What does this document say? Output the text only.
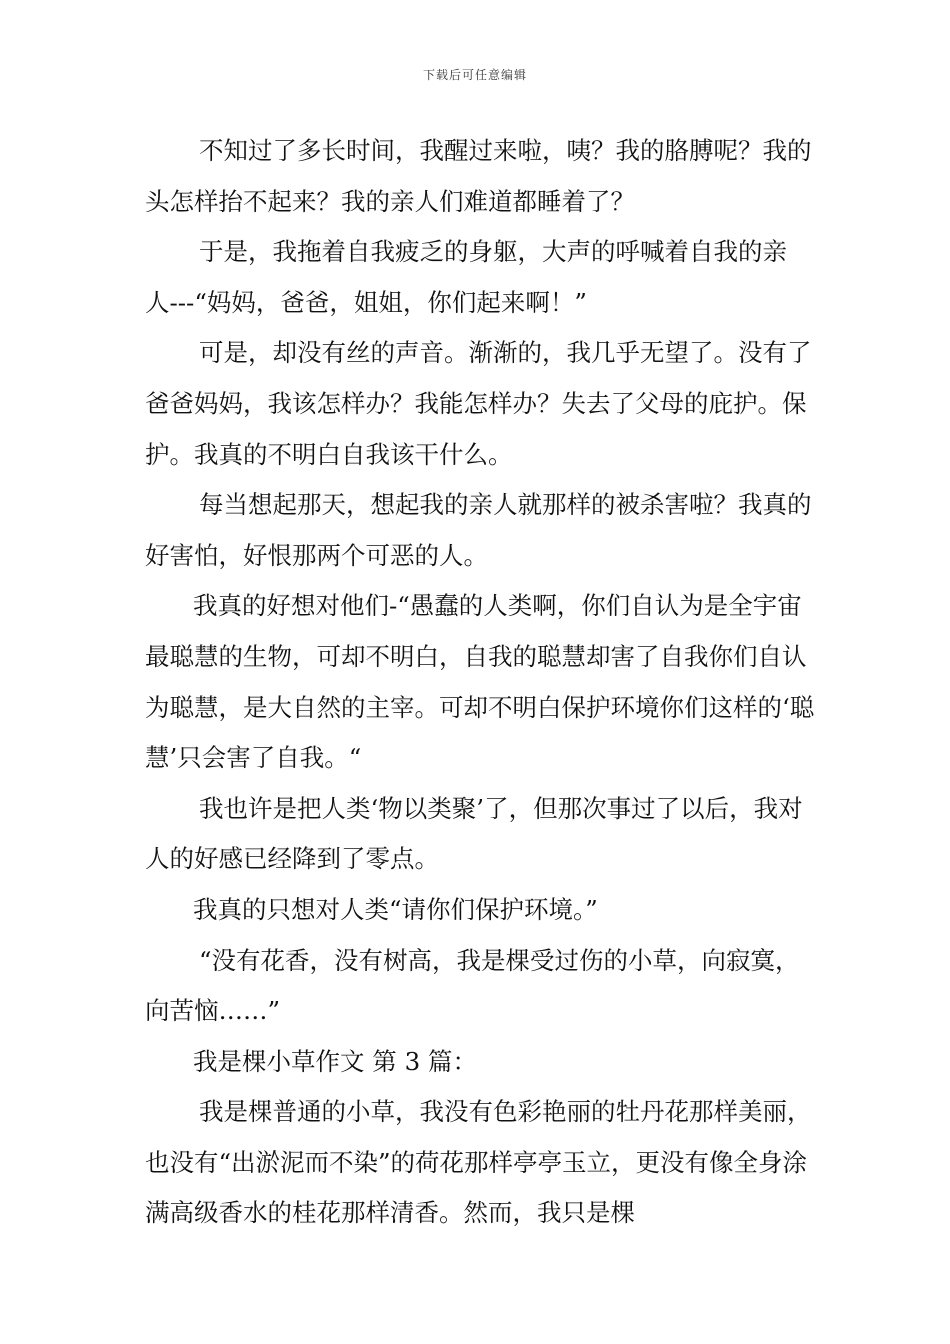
下载后可任意编辑

不知过了多长时间，我醒过来啦，咦？我的胳膊呢？我的头怎样抬不起来？我的亲人们难道都睡着了？

于是，我拖着自我疲乏的身躯，大声的呼喊着自我的亲人---“妈妈，爸爸，姐姐，你们起来啊！”

可是，却没有丝的声音。渐渐的，我几乎无望了。没有了爸爸妈妈，我该怎样办？我能怎样办？失去了父母的庇护。保护。我真的不明白自我该干什么。

每当想起那天，想起我的亲人就那样的被杀害啦？我真的好害怕，好恨那两个可恶的人。

我真的好想对他们-“愚蠢的人类啊，你们自认为是全宇宙最聪慧的生物，可却不明白，自我的聪慧却害了自我你们自认为聪慧，是大自然的主宰。可却不明白保护环境你们这样的‘聪慧’只会害了自我。“

我也许是把人类‘物以类聚’了，但那次事过了以后，我对人的好感已经降到了零点。

我真的只想对人类“请你们保护环境。”

“没有花香，没有树高，我是棵受过伤的小草，向寂寞，向苦恼……”

我是棵小草作文 第 3 篇：

我是棵普通的小草，我没有色彩艳丽的牡丹花那样美丽，也没有“出淤泥而不染”的荷花那样亭亭玉立，更没有像全身涂满高级香水的桂花那样清香。然而，我只是棵
